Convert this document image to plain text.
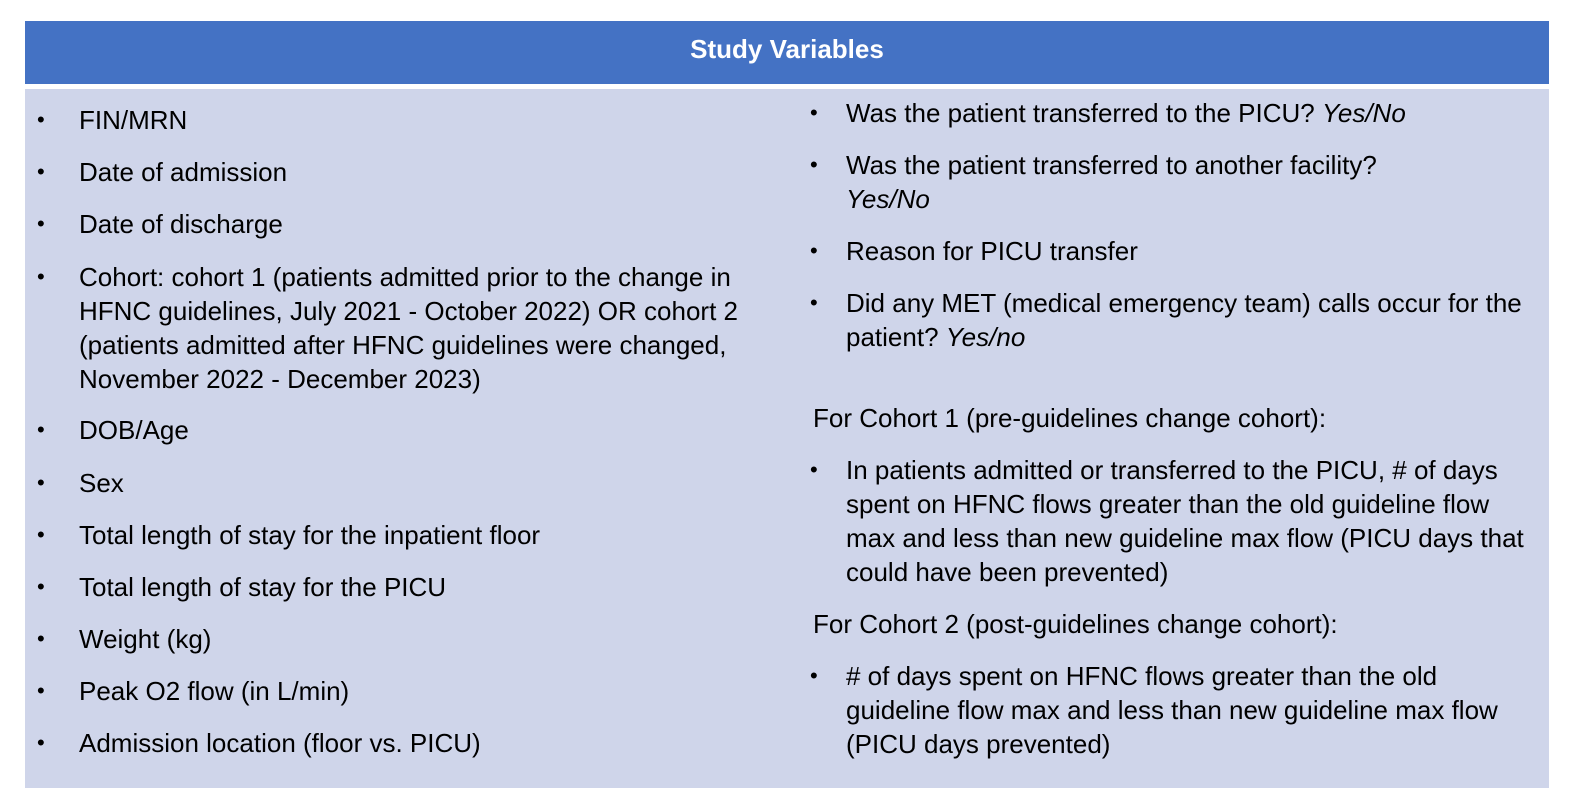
Study Variables
• FIN/MRN
• Date of admission
• Date of discharge
• Cohort: cohort 1 (patients admitted prior to the change in HFNC guidelines, July 2021 - October 2022) OR cohort 2 (patients admitted after HFNC guidelines were changed, November 2022 - December 2023)
• DOB/Age
• Sex
• Total length of stay for the inpatient floor
• Total length of stay for the PICU
• Weight (kg)
• Peak O2 flow (in L/min)
• Admission location (floor vs. PICU)
• Was the patient transferred to the PICU? Yes/No
• Was the patient transferred to another facility?
Yes/No
• Reason for PICU transfer
• Did any MET (medical emergency team) calls occur for the patient? Yes/no
For Cohort 1 (pre-guidelines change cohort):
• In patients admitted or transferred to the PICU, # of days spent on HFNC flows greater than the old guideline flow max and less than new guideline max flow (PICU days that could have been prevented)
For Cohort 2 (post-guidelines change cohort):
• # of days spent on HFNC flows greater than the old guideline flow max and less than new guideline max flow (PICU days prevented)
